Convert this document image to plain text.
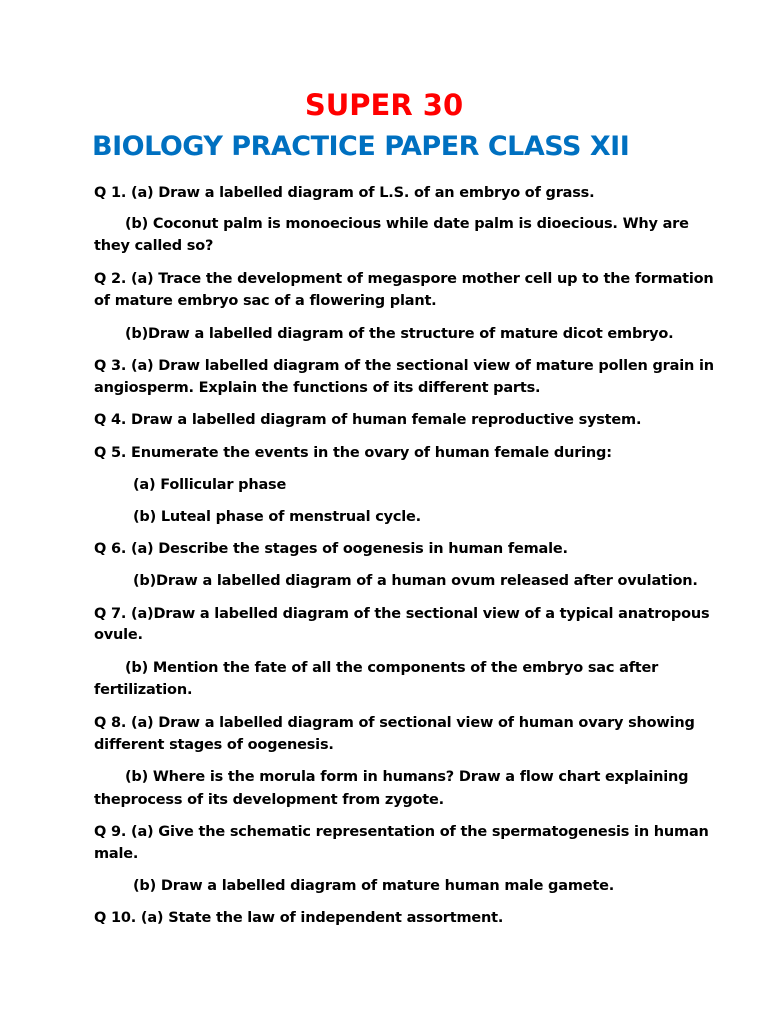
SUPER 30
BIOLOGY PRACTICE PAPER CLASS XII
Q 1. (a) Draw a labelled diagram of L.S. of an embryo of grass.
(b) Coconut palm is monoecious while date palm is dioecious. Why are
they called so?
Q 2. (a) Trace the development of megaspore mother cell up to the formation
of mature embryo sac of a flowering plant.
(b)Draw a labelled diagram of the structure of mature dicot embryo.
Q 3. (a) Draw labelled diagram of the sectional view of mature pollen grain in
angiosperm. Explain the functions of its different parts.
Q 4. Draw a labelled diagram of human female reproductive system.
Q 5. Enumerate the events in the ovary of human female during:
(a) Follicular phase
(b) Luteal phase of menstrual cycle.
Q 6. (a) Describe the stages of oogenesis in human female.
(b)Draw a labelled diagram of a human ovum released after ovulation.
Q 7. (a)Draw a labelled diagram of the sectional view of a typical anatropous
ovule.
(b) Mention the fate of all the components of the embryo sac after
fertilization.
Q 8. (a) Draw a labelled diagram of sectional view of human ovary showing
different stages of oogenesis.
(b) Where is the morula form in humans? Draw a flow chart explaining
theprocess of its development from zygote.
Q 9. (a) Give the schematic representation of the spermatogenesis in human
male.
(b) Draw a labelled diagram of mature human male gamete.
Q 10. (a) State the law of independent assortment.
